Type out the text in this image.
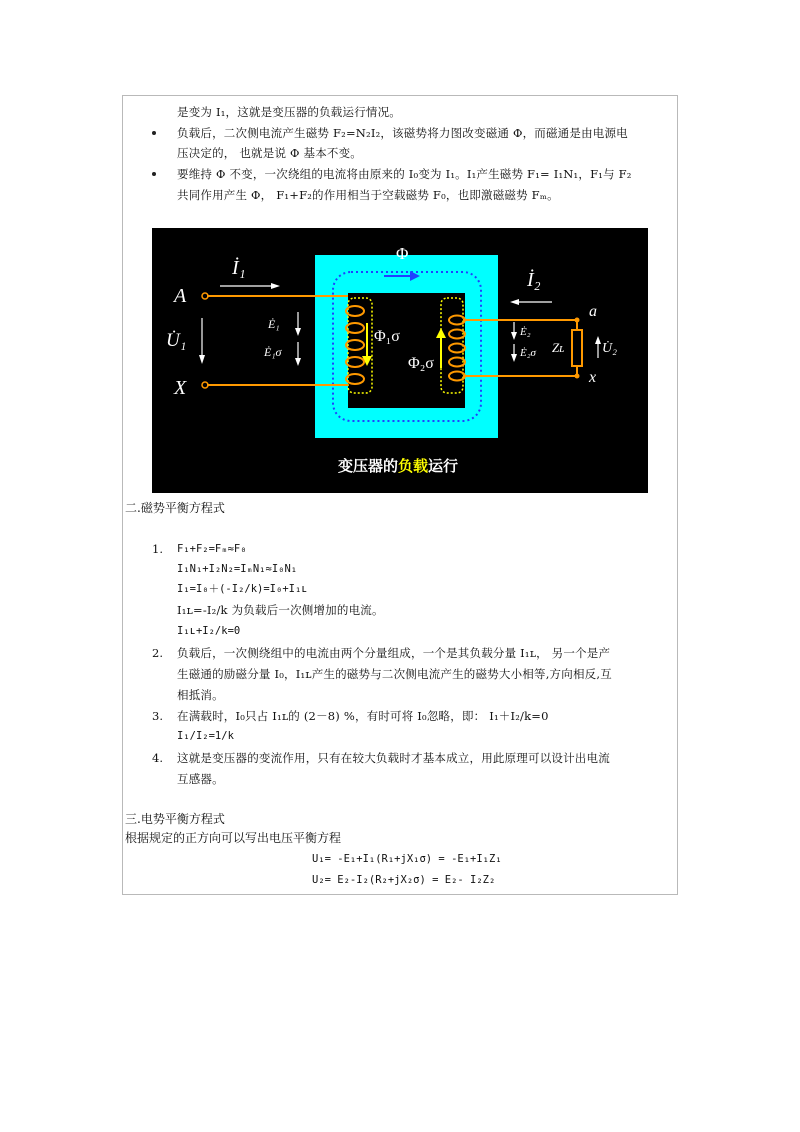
是变为 I₁，这就是变压器的负载运行情况。
负载后，二次侧电流产生磁势 F₂=N₂I₂，该磁势将力图改变磁通 Φ，而磁通是由电源电
压决定的， 也就是说 Φ 基本不变。
要维持 Φ 不变，一次绕组的电流将由原来的 I₀变为 I₁。I₁产生磁势 F₁= I₁N₁，F₁与 F₂
共同作用产生 Φ， F₁+F₂的作用相当于空载磁势 F₀，也即激磁磁势 Fₘ。
Φ
Φ₁σ
Φ₂σ
İ₁
İ₂
A
X
U̇₁
Ė₁
Ė₁σ
Ė₂
Ė₂σ Zʟ	U̇₂
a
x
变压器的负载运行
二.磁势平衡方程式
1. F₁+F₂=Fₘ≈F₀
I₁N₁+I₂N₂=IₘN₁≈I₀N₁
I₁=I₀＋(-I₂/k)=I₀+I₁ʟ
I₁ʟ=-I₂/k 为负载后一次侧增加的电流。
I₁ʟ+I₂/k=0
2. 负载后，一次侧绕组中的电流由两个分量组成，一个是其负载分量 I₁ʟ， 另一个是产
生磁通的励磁分量 I₀，I₁ʟ产生的磁势与二次侧电流产生的磁势大小相等,方向相反,互
相抵消。
3. 在满载时，I₀只占 I₁ʟ的 (2－8) %，有时可将 I₀忽略，即： I₁＋I₂/k=0
I₁/I₂=1/k
4. 这就是变压器的变流作用，只有在较大负载时才基本成立，用此原理可以设计出电流
互感器。
三.电势平衡方程式
根据规定的正方向可以写出电压平衡方程
U₁= -E₁+I₁(R₁+jX₁σ) = -E₁+I₁Z₁
U₂= E₂-I₂(R₂+jX₂σ) = E₂- I₂Z₂
